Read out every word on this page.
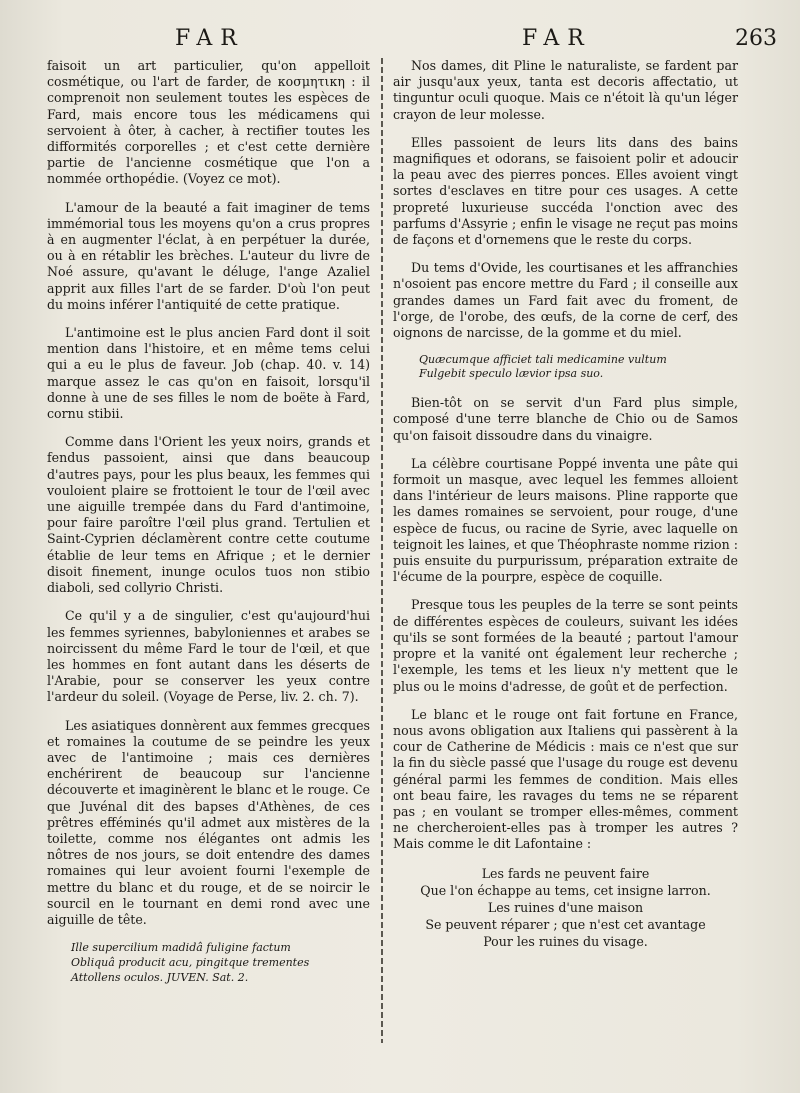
FAR	FAR	263

faisoit un art particulier, qu'on appelloit cosmétique, ou l'art de farder, de κοσμητικη : il comprenoit non seulement toutes les espèces de Fard, mais encore tous les médicamens qui servoient à ôter, à cacher, à rectifier toutes les difformités corporelles ; et c'est cette dernière partie de l'ancienne cosmétique que l'on a nommée orthopédie. (Voyez ce mot).

L'amour de la beauté a fait imaginer de tems immémorial tous les moyens qu'on a crus propres à en augmenter l'éclat, à en perpétuer la durée, ou à en rétablir les brèches. L'auteur du livre de Noé assure, qu'avant le déluge, l'ange Azaliel apprit aux filles l'art de se farder. D'où l'on peut du moins inférer l'antiquité de cette pratique.

L'antimoine est le plus ancien Fard dont il soit mention dans l'histoire, et en même tems celui qui a eu le plus de faveur. Job (chap. 40. v. 14) marque assez le cas qu'on en faisoit, lorsqu'il donne à une de ses filles le nom de boëte à Fard, cornu stibii.

Comme dans l'Orient les yeux noirs, grands et fendus passoient, ainsi que dans beaucoup d'autres pays, pour les plus beaux, les femmes qui vouloient plaire se frottoient le tour de l'œil avec une aiguille trempée dans du Fard d'antimoine, pour faire paroître l'œil plus grand. Tertulien et Saint-Cyprien déclamèrent contre cette coutume établie de leur tems en Afrique ; et le dernier disoit finement, inunge oculos tuos non stibio diaboli, sed collyrio Christi.

Ce qu'il y a de singulier, c'est qu'aujourd'hui les femmes syriennes, babyloniennes et arabes se noircissent du même Fard le tour de l'œil, et que les hommes en font autant dans les déserts de l'Arabie, pour se conserver les yeux contre l'ardeur du soleil. (Voyage de Perse, liv. 2. ch. 7).

Les asiatiques donnèrent aux femmes grecques et romaines la coutume de se peindre les yeux avec de l'antimoine ; mais ces dernières enchérirent de beaucoup sur l'ancienne découverte et imaginèrent le blanc et le rouge. Ce que Juvénal dit des bapses d'Athènes, de ces prêtres efféminés qu'il admet aux mistères de la toilette, comme nos élégantes ont admis les nôtres de nos jours, se doit entendre des dames romaines qui leur avoient fourni l'exemple de mettre du blanc et du rouge, et de se noircir le sourcil en le tournant en demi rond avec une aiguille de tête.

Ille supercilium madidâ fuligine factum
Obliquâ producit acu, pingitque trementes
Attollens oculos. JUVEN. Sat. 2.

Nos dames, dit Pline le naturaliste, se fardent par air jusqu'aux yeux, tanta est decoris affectatio, ut tinguntur oculi quoque. Mais ce n'étoit là qu'un léger crayon de leur molesse.

Elles passoient de leurs lits dans des bains magnifiques et odorans, se faisoient polir et adoucir la peau avec des pierres ponces. Elles avoient vingt sortes d'esclaves en titre pour ces usages. A cette propreté luxurieuse succéda l'onction avec des parfums d'Assyrie ; enfin le visage ne reçut pas moins de façons et d'ornemens que le reste du corps.

Du tems d'Ovide, les courtisanes et les affranchies n'osoient pas encore mettre du Fard ; il conseille aux grandes dames un Fard fait avec du froment, de l'orge, de l'orobe, des œufs, de la corne de cerf, des oignons de narcisse, de la gomme et du miel.

Quæcumque afficiet tali medicamine vultum
Fulgebit speculo lævior ipsa suo.

Bien-tôt on se servit d'un Fard plus simple, composé d'une terre blanche de Chio ou de Samos qu'on faisoit dissoudre dans du vinaigre.

La célèbre courtisane Poppé inventa une pâte qui formoit un masque, avec lequel les femmes alloient dans l'intérieur de leurs maisons. Pline rapporte que les dames romaines se servoient, pour rouge, d'une espèce de fucus, ou racine de Syrie, avec laquelle on teignoit les laines, et que Théophraste nomme rizion : puis ensuite du purpurissum, préparation extraite de l'écume de la pourpre, espèce de coquille.

Presque tous les peuples de la terre se sont peints de différentes espèces de couleurs, suivant les idées qu'ils se sont formées de la beauté ; partout l'amour propre et la vanité ont également leur recherche ; l'exemple, les tems et les lieux n'y mettent que le plus ou le moins d'adresse, de goût et de perfection.

Le blanc et le rouge ont fait fortune en France, nous avons obligation aux Italiens qui passèrent à la cour de Catherine de Médicis : mais ce n'est que sur la fin du siècle passé que l'usage du rouge est devenu général parmi les femmes de condition. Mais elles ont beau faire, les ravages du tems ne se réparent pas ; en voulant se tromper elles-mêmes, comment ne chercheroient-elles pas à tromper les autres ? Mais comme le dit Lafontaine :

Les fards ne peuvent faire
Que l'on échappe au tems, cet insigne larron.
Les ruines d'une maison
Se peuvent réparer ; que n'est cet avantage
Pour les ruines du visage.
